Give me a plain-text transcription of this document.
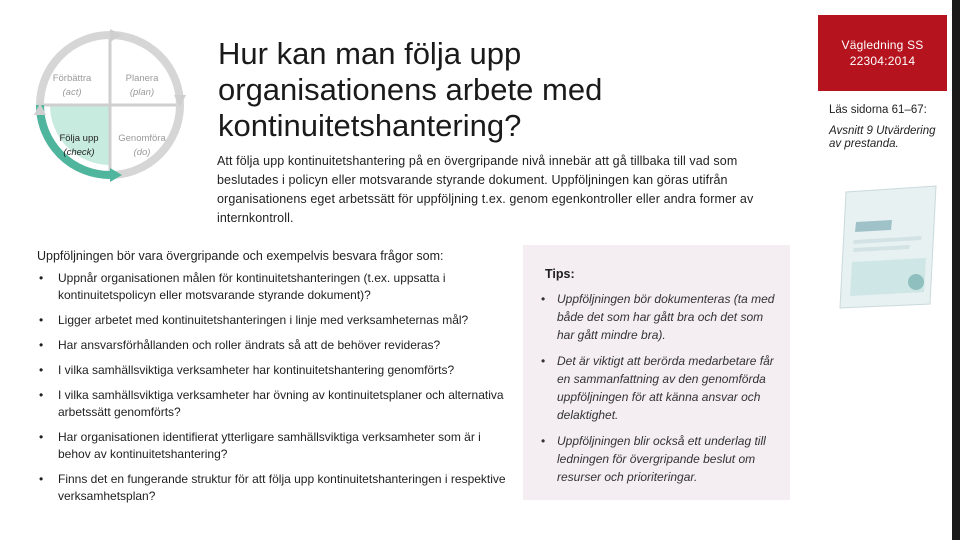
Förbättra
(act)
Planera
(plan)
Följa upp
(check)
Genomföra
(do)
Hur kan man följa upp organisationens arbete med kontinuitetshantering?
Att följa upp kontinuitetshantering på en övergripande nivå innebär att gå tillbaka till vad som beslutades i policyn eller motsvarande styrande dokument. Uppföljningen kan göras utifrån organisationens eget arbetssätt för uppföljning t.ex. genom egenkontroller eller andra former av internkontroll.
Uppföljningen bör vara övergripande och exempelvis besvara frågor som:
• Uppnår organisationen målen för kontinuitetshanteringen (t.ex. uppsatta i kontinuitetspolicyn eller motsvarande styrande dokument)?
• Ligger arbetet med kontinuitetshanteringen i linje med verksamheternas mål?
• Har ansvarsförhållanden och roller ändrats så att de behöver revideras?
• I vilka samhällsviktiga verksamheter har kontinuitetshantering genomförts?
• I vilka samhällsviktiga verksamheter har övning av kontinuitetsplaner och alternativa arbetssätt genomförts?
• Har organisationen identifierat ytterligare samhällsviktiga verksamheter som är i behov av kontinuitetshantering?
• Finns det en fungerande struktur för att följa upp kontinuitetshanteringen i respektive verksamhetsplan?
Tips:
• Uppföljningen bör dokumenteras (ta med både det som har gått bra och det som har gått mindre bra).
• Det är viktigt att berörda medarbetare får en sammanfattning av den genomförda uppföljningen för att känna ansvar och delaktighet.
• Uppföljningen blir också ett underlag till ledningen för övergripande beslut om resurser och prioriteringar.
Vägledning SS 22304:2014
Läs sidorna 61–67:
Avsnitt 9 Utvärdering av prestanda.
